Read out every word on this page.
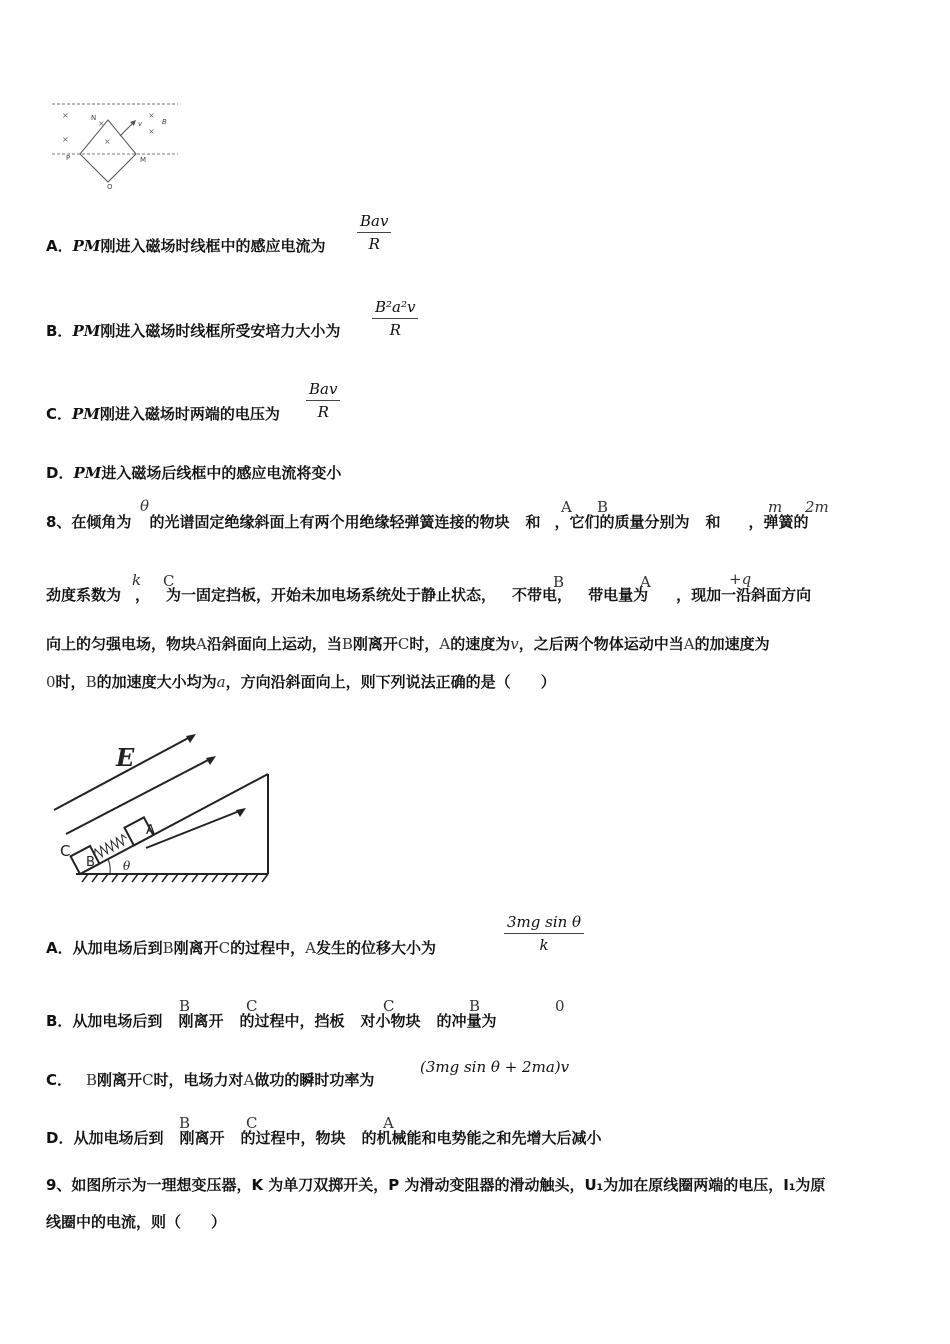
×
×
×
×
×
×
N
v	B
P	M
O
A．PM刚进入磁场时线框中的感应电流为
Bav
R
B．PM刚进入磁场时线框所受安培力大小为 $\frac{\text{B²a²v}}{R}$
C．PM刚进入磁场时两端的电压为
Bav
R
D．PM进入磁场后线框中的感应电流将变小
8、在倾角为 的光谱固定绝缘斜面上有两个用绝缘轻弹簧连接的物块 和 ，它们的质量分别为 和 ，弹簧的
θ	A B	m 2m
劲度系数为 ， 为一固定挡板，开始未加电场系统处于静止状态， 不带电， 带电量为 ，现加一沿斜面方向
k C	B	A	+q
向上的匀强电场，物块A沿斜面向上运动，当B刚离开C时，A的速度为v，之后两个物体运动中当A的加速度为
0时，B的加速度大小均为a，方向沿斜面向上，则下列说法正确的是（　　）
E
C
B
A
θ
A．从加电场后到B刚离开C的过程中，A发生的位移大小为	$\frac{\text{3mg sin θ}}{k}$
B．从加电场后到 刚离开 的过程中，挡板 对小物块 的冲量为
B	C	C	B	0
C． B刚离开C时，电场力对A做功的瞬时功率为
(3mg sin θ + 2ma)v
D．从加电场后到 刚离开 的过程中，物块 的机械能和电势能之和先增大后减小
B	C	A
9、如图所示为一理想变压器，K 为单刀双掷开关，P 为滑动变阻器的滑动触头，U₁为加在原线圈两端的电压，I₁为原
线圈中的电流，则（　　）
